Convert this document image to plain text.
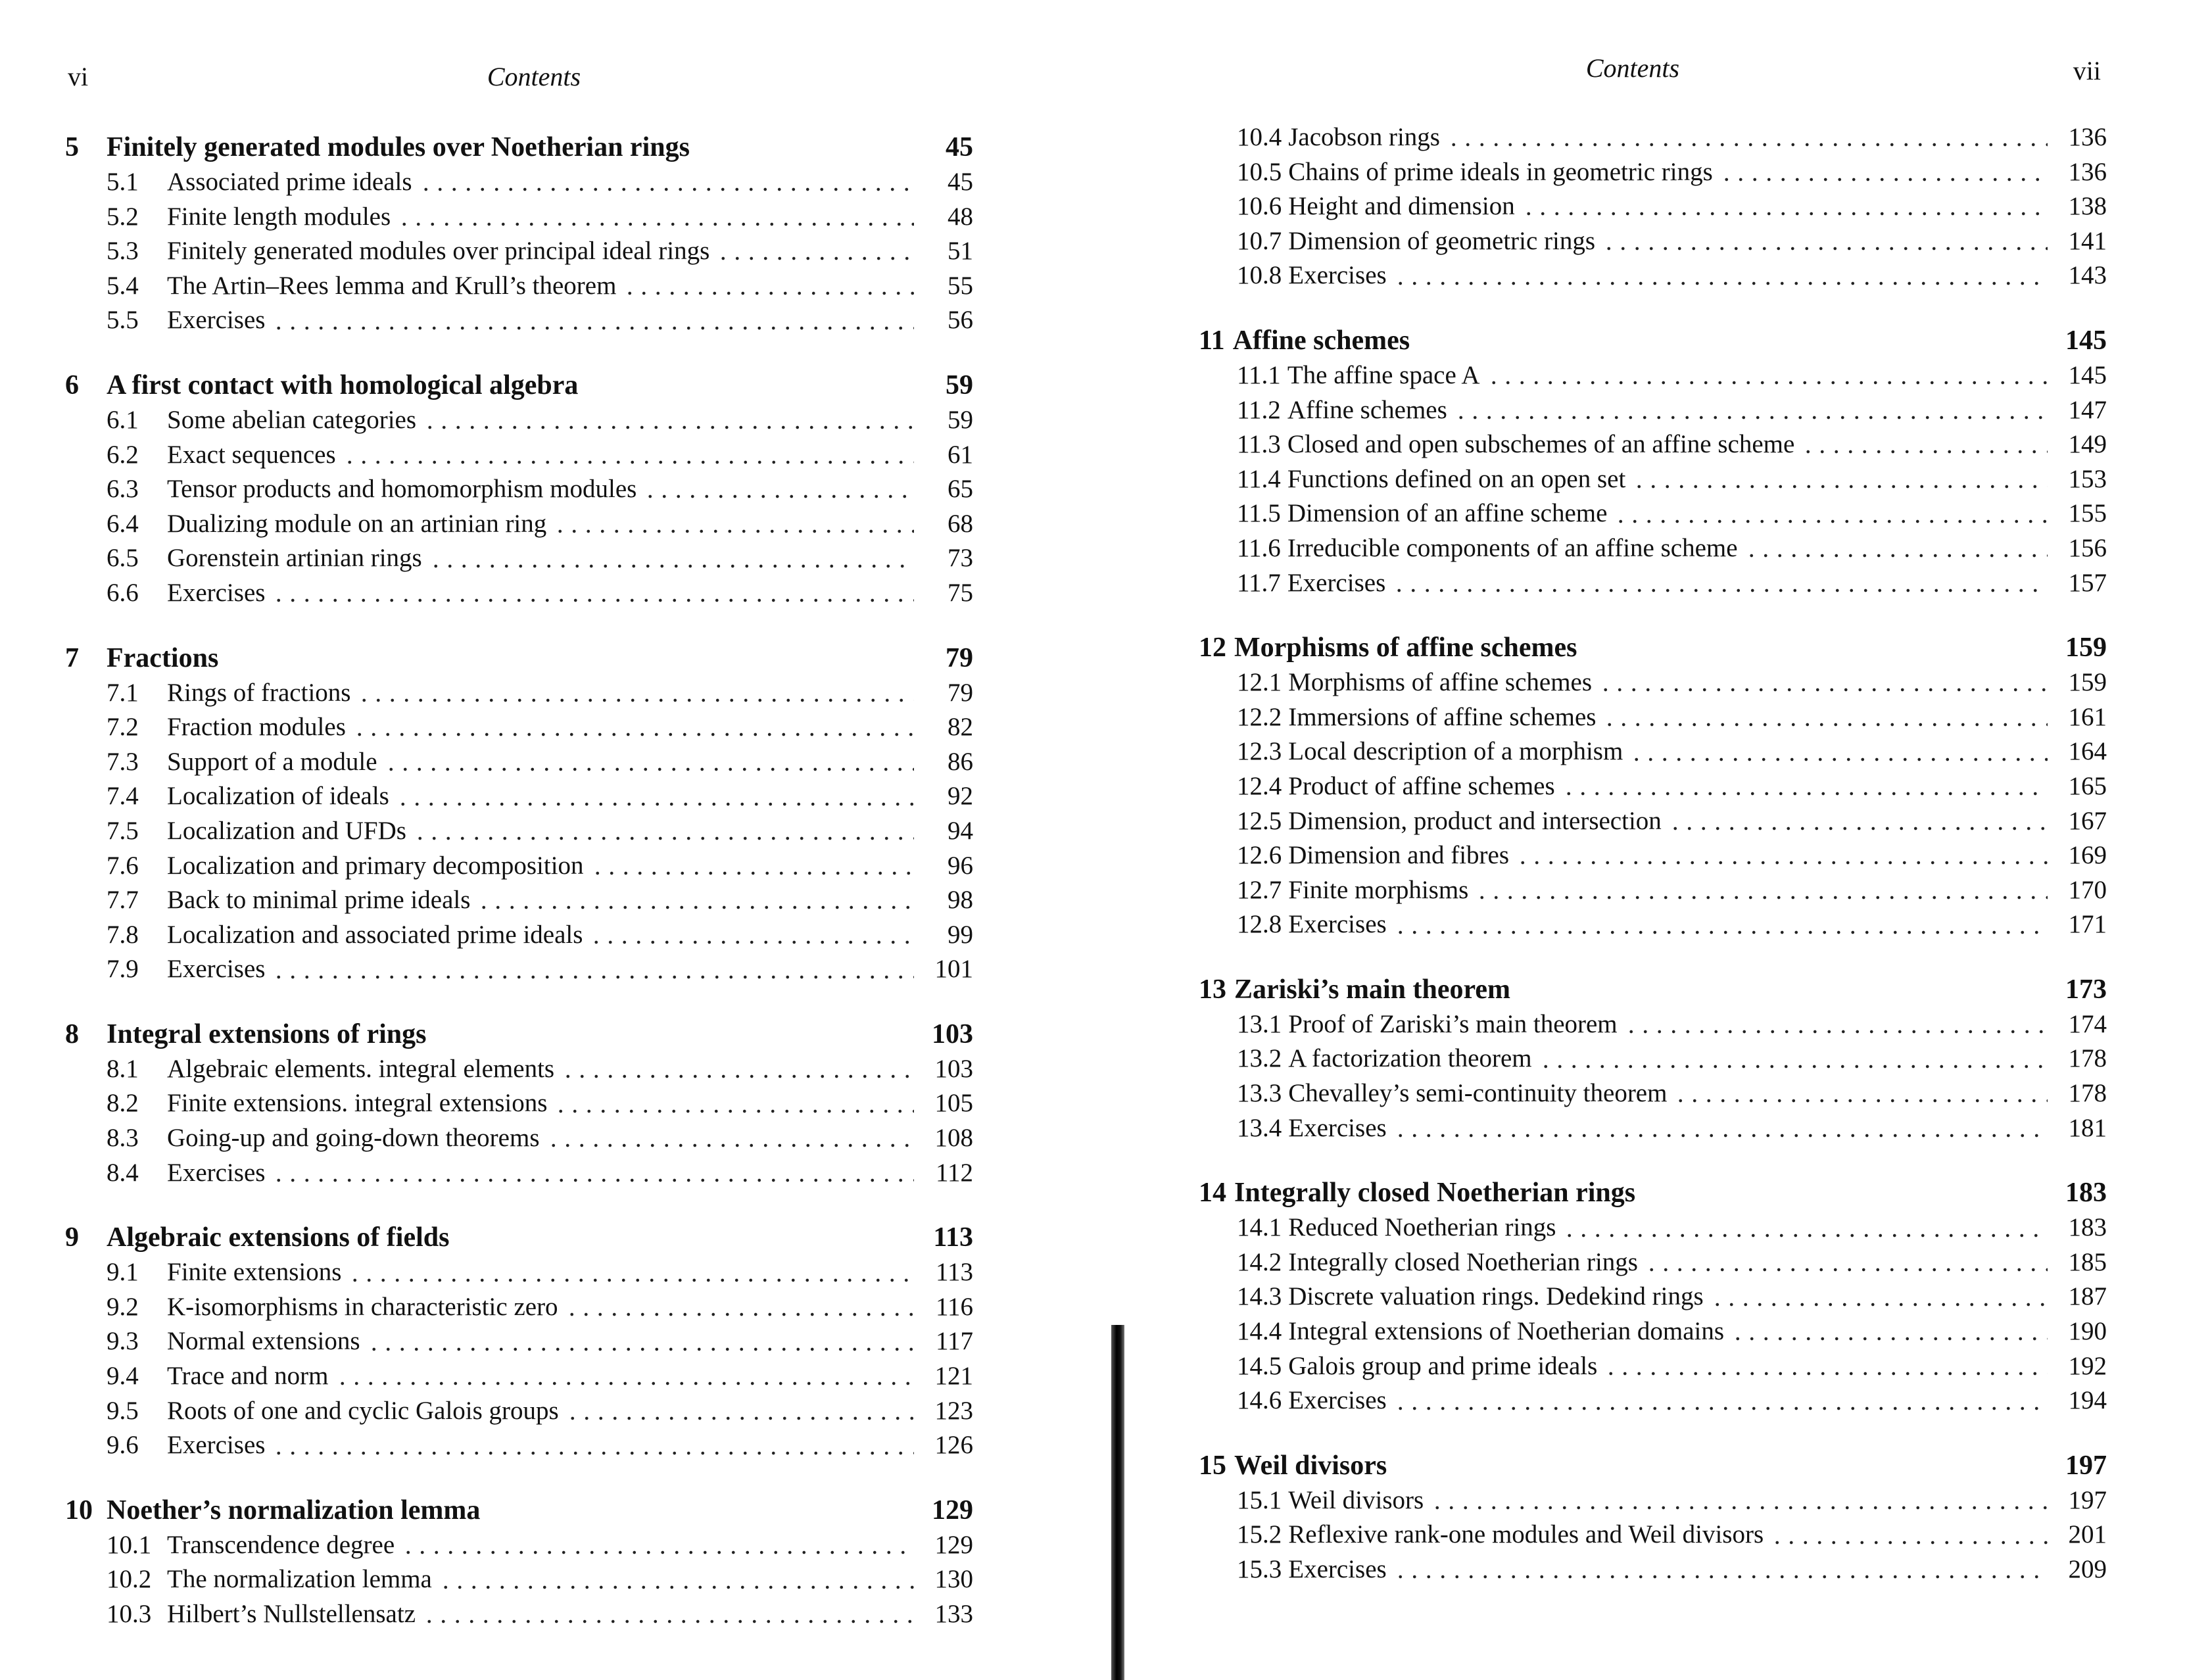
vi	Contents	Contents	vii
5	Finitely generated modules over Noetherian rings	45
5.1	Associated prime ideals	45
5.2	Finite length modules	48
5.3	Finitely generated modules over principal ideal rings	51
5.4	The Artin–Rees lemma and Krull’s theorem	55
5.5	Exercises	56
6	A first contact with homological algebra	59
6.1	Some abelian categories	59
6.2	Exact sequences	61
6.3	Tensor products and homomorphism modules	65
6.4	Dualizing module on an artinian ring	68
6.5	Gorenstein artinian rings	73
6.6	Exercises	75
7	Fractions	79
7.1	Rings of fractions	79
7.2	Fraction modules	82
7.3	Support of a module	86
7.4	Localization of ideals	92
7.5	Localization and UFDs	94
7.6	Localization and primary decomposition	96
7.7	Back to minimal prime ideals	98
7.8	Localization and associated prime ideals	99
7.9	Exercises	101
8	Integral extensions of rings	103
8.1	Algebraic elements. integral elements	103
8.2	Finite extensions. integral extensions	105
8.3	Going-up and going-down theorems	108
8.4	Exercises	112
9	Algebraic extensions of fields	113
9.1	Finite extensions	113
9.2	K-isomorphisms in characteristic zero	116
9.3	Normal extensions	117
9.4	Trace and norm	121
9.5	Roots of one and cyclic Galois groups	123
9.6	Exercises	126
10 Noether’s normalization lemma	129
10.1 Transcendence degree	129
10.2 The normalization lemma	130
10.3 Hilbert’s Nullstellensatz	133
10.4 Jacobson rings	136
10.5 Chains of prime ideals in geometric rings	136
10.6 Height and dimension	138
10.7 Dimension of geometric rings	141
10.8 Exercises	143
11 Affine schemes	145
11.1 The affine space A	145
11.2 Affine schemes	147
11.3 Closed and open subschemes of an affine scheme	149
11.4 Functions defined on an open set	153
11.5 Dimension of an affine scheme	155
11.6 Irreducible components of an affine scheme	156
11.7 Exercises	157
12 Morphisms of affine schemes	159
12.1 Morphisms of affine schemes	159
12.2 Immersions of affine schemes	161
12.3 Local description of a morphism	164
12.4 Product of affine schemes	165
12.5 Dimension, product and intersection	167
12.6 Dimension and fibres	169
12.7 Finite morphisms	170
12.8 Exercises	171
13 Zariski’s main theorem	173
13.1 Proof of Zariski’s main theorem	174
13.2 A factorization theorem	178
13.3 Chevalley’s semi-continuity theorem	178
13.4 Exercises	181
14 Integrally closed Noetherian rings	183
14.1 Reduced Noetherian rings	183
14.2 Integrally closed Noetherian rings	185
14.3 Discrete valuation rings. Dedekind rings	187
14.4 Integral extensions of Noetherian domains	190
14.5 Galois group and prime ideals	192
14.6 Exercises	194
15 Weil divisors	197
15.1 Weil divisors	197
15.2 Reflexive rank-one modules and Weil divisors	201
15.3 Exercises	209
